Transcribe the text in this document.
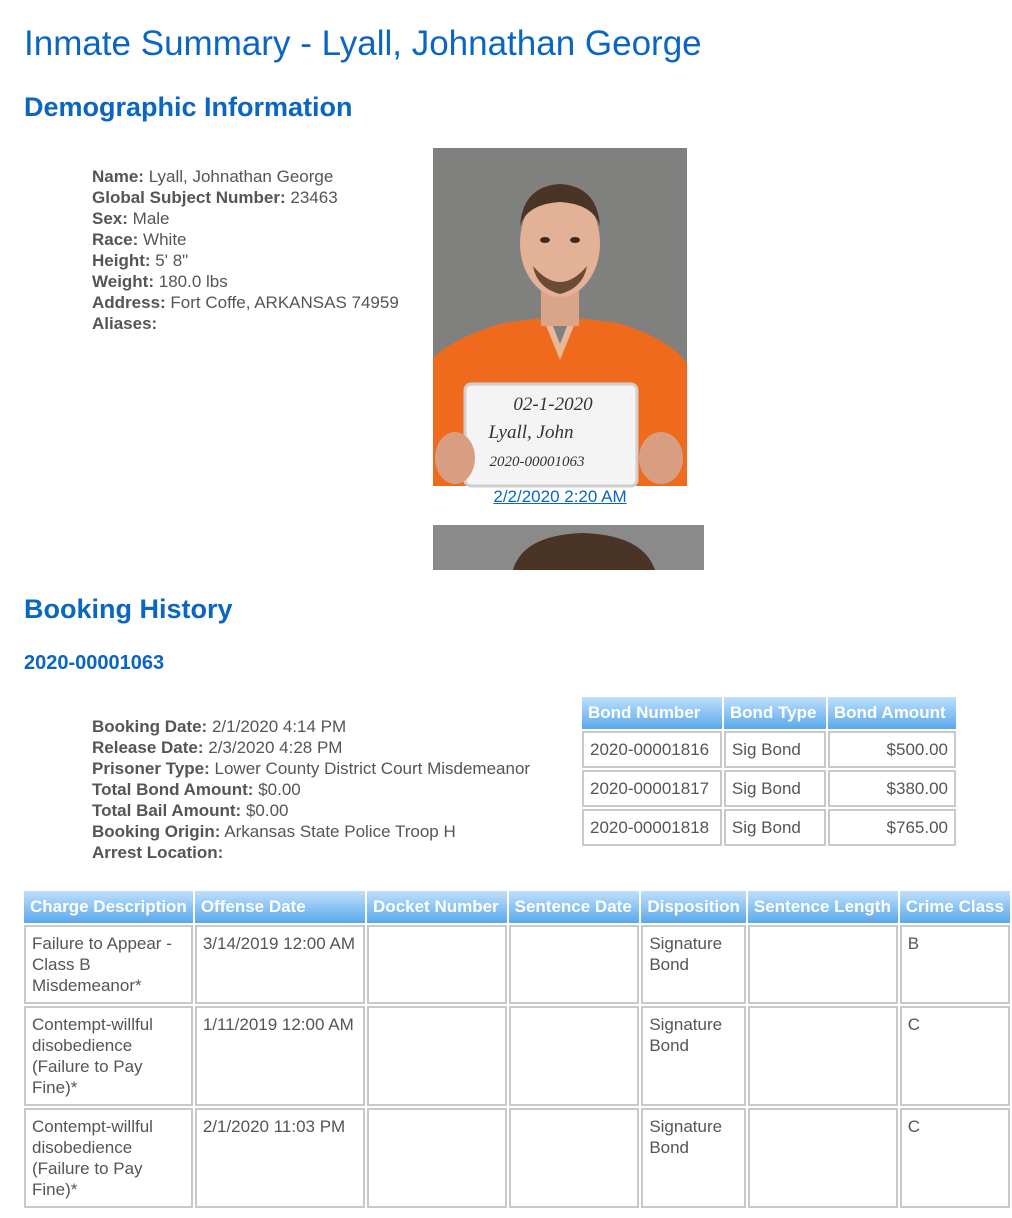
Inmate Summary - Lyall, Johnathan George
Demographic Information
Name: Lyall, Johnathan George
Global Subject Number: 23463
Sex: Male
Race: White
Height: 5' 8"
Weight: 180.0 lbs
Address: Fort Coffe, ARKANSAS 74959
Aliases:
02-1-2020
Lyall, John
2020-00001063
2/2/2020 2:20 AM
Booking History
2020-00001063
Booking Date: 2/1/2020 4:14 PM
Release Date: 2/3/2020 4:28 PM
Prisoner Type: Lower County District Court Misdemeanor
Total Bond Amount: $0.00
Total Bail Amount: $0.00
Booking Origin: Arkansas State Police Troop H
Arrest Location:
Bond Number	Bond Type	Bond Amount
2020-00001816	Sig Bond	$500.00
2020-00001817	Sig Bond	$380.00
2020-00001818	Sig Bond	$765.00
Charge Description	Offense Date	Docket Number	Sentence Date	Disposition	Sentence Length	Crime Class
Failure to Appear - Class B Misdemeanor*	3/14/2019 12:00 AM			Signature Bond		B
Contempt-willful disobedience (Failure to Pay Fine)*	1/11/2019 12:00 AM			Signature Bond		C
Contempt-willful disobedience (Failure to Pay Fine)*	2/1/2020 11:03 PM			Signature Bond		C
